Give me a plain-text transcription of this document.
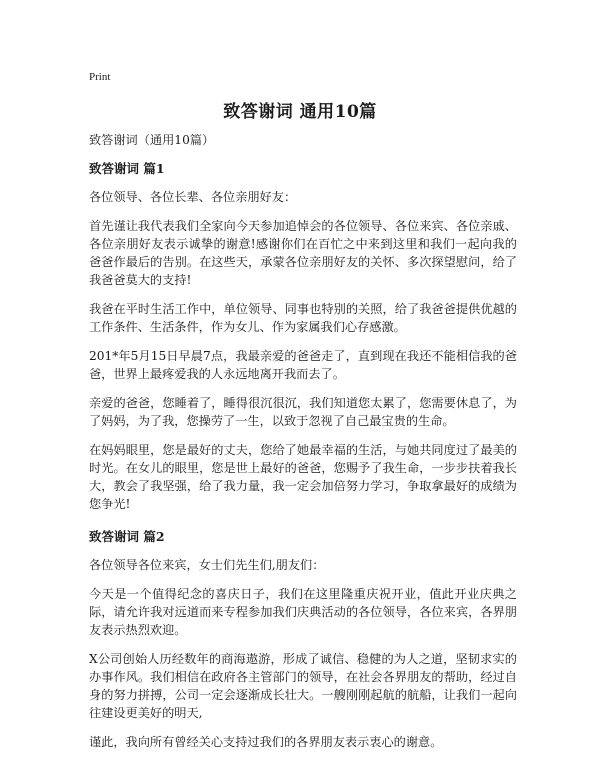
Print
致答谢词 通用10篇

致答谢词（通用10篇）

致答谢词 篇1

各位领导、各位长辈、各位亲朋好友：

首先谨让我代表我们全家向今天参加追悼会的各位领导、各位来宾、各位亲戚、各位亲朋好友表示诚挚的谢意!感谢你们在百忙之中来到这里和我们一起向我的爸爸作最后的告别。在这些天，承蒙各位亲朋好友的关怀、多次探望慰问，给了我爸爸莫大的支持!

我爸在平时生活工作中，单位领导、同事也特别的关照，给了我爸爸提供优越的工作条件、生活条件，作为女儿、作为家属我们心存感激。

201*年5月15日早晨7点，我最亲爱的爸爸走了，直到现在我还不能相信我的爸爸，世界上最疼爱我的人永远地离开我而去了。

亲爱的爸爸，您睡着了，睡得很沉很沉，我们知道您太累了，您需要休息了，为了妈妈，为了我，您操劳了一生，以致于忽视了自己最宝贵的生命。

在妈妈眼里，您是最好的丈夫，您给了她最幸福的生活，与她共同度过了最美的时光。在女儿的眼里，您是世上最好的爸爸，您赐予了我生命，一步步扶着我长大，教会了我坚强，给了我力量，我一定会加倍努力学习，争取拿最好的成绩为您争光!

致答谢词 篇2

各位领导各位来宾，女士们先生们,朋友们：

今天是一个值得纪念的喜庆日子，我们在这里隆重庆祝开业，值此开业庆典之际，请允许我对远道而来专程参加我们庆典活动的各位领导，各位来宾，各界朋友表示热烈欢迎。

X公司创始人历经数年的商海遨游，形成了诚信、稳健的为人之道，坚韧求实的办事作风。我们相信在政府各主管部门的领导，在社会各界朋友的帮助，经过自身的努力拼搏，公司一定会逐渐成长壮大。一艘刚刚起航的航船，让我们一起向往建设更美好的明天,

谨此，我向所有曾经关心支持过我们的各界朋友表示衷心的谢意。
